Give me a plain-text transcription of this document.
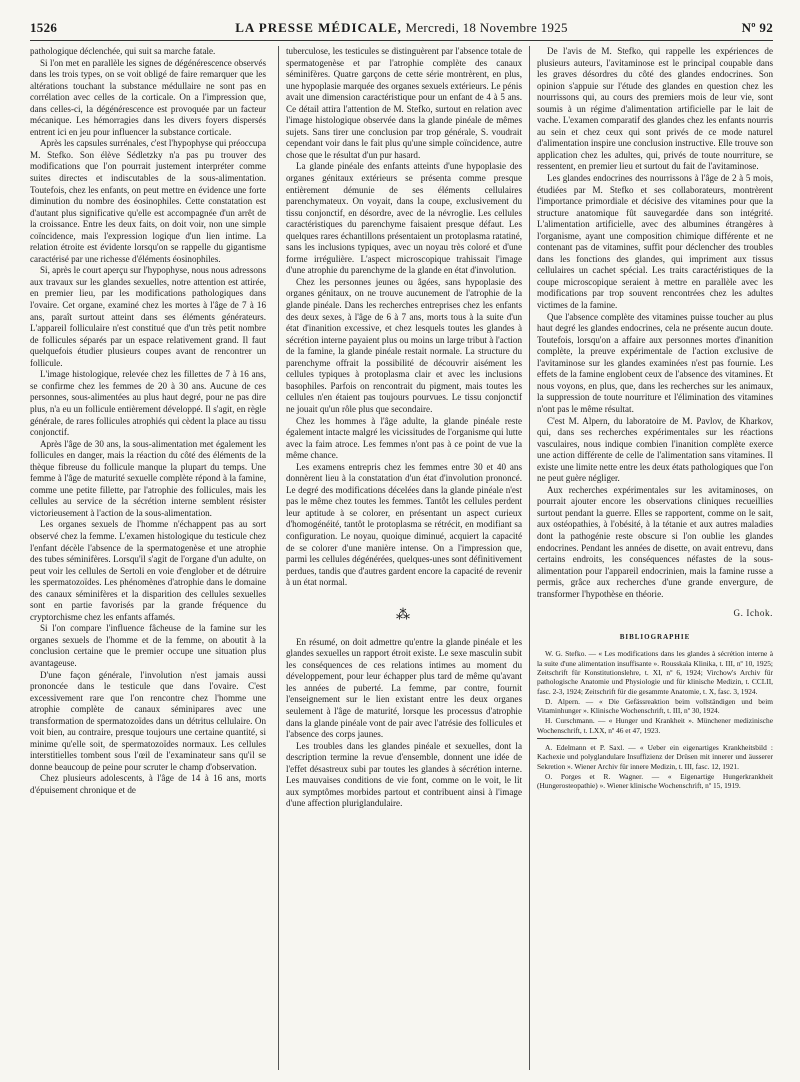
1526	LA PRESSE MÉDICALE, Mercredi, 18 Novembre 1925	Nº 92

pathologique déclenchée, qui suit sa marche fatale.

Si l'on met en parallèle les signes de dégénérescence observés dans les trois types, on se voit obligé de faire remarquer que les altérations touchant la substance médullaire ne sont pas en corrélation avec celles de la corticale. On a l'impression que, dans celles-ci, la dégénérescence est provoquée par un facteur mécanique. Les hémorragies dans les divers foyers dispersés entrent ici en jeu pour influencer la substance corticale.

Après les capsules surrénales, c'est l'hypophyse qui préoccupa M. Stefko. Son élève Sédletzky n'a pas pu trouver des modifications que l'on pourrait justement interpréter comme suites directes et indiscutables de la sous-alimentation. Toutefois, chez les enfants, on peut mettre en évidence une forte diminution du nombre des éosinophiles. Cette constatation est d'autant plus significative qu'elle est accompagnée d'un arrêt de la croissance. Entre les deux faits, on doit voir, non une simple coïncidence, mais l'expression logique d'un lien intime. La relation étroite est évidente lorsqu'on se rappelle du gigantisme caractérisé par une richesse d'éléments éosinophiles.

Si, après le court aperçu sur l'hypophyse, nous nous adressons aux travaux sur les glandes sexuelles, notre attention est attirée, en premier lieu, par les modifications pathologiques dans l'ovaire. Cet organe, examiné chez les mortes à l'âge de 7 à 16 ans, paraît surtout atteint dans ses éléments générateurs. L'appareil folliculaire n'est constitué que d'un très petit nombre de follicules séparés par un espace relativement grand. Il faut quelquefois étudier plusieurs coupes avant de rencontrer un follicule.

L'image histologique, relevée chez les fillettes de 7 à 16 ans, se confirme chez les femmes de 20 à 30 ans. Aucune de ces personnes, sous-alimentées au plus haut degré, pour ne pas dire plus, n'a eu un follicule entièrement développé. Il s'agit, en règle générale, de rares follicules atrophiés qui cèdent la place au tissu conjonctif.

Après l'âge de 30 ans, la sous-alimentation met également les follicules en danger, mais la réaction du côté des éléments de la thèque fibreuse du follicule manque la plupart du temps. Une femme à l'âge de maturité sexuelle complète répond à la famine, comme une petite fillette, par l'atrophie des follicules, mais les cellules au service de la sécrétion interne semblent résister victorieusement à l'action de la sous-alimentation.

Les organes sexuels de l'homme n'échappent pas au sort observé chez la femme. L'examen histologique du testicule chez l'enfant décèle l'absence de la spermatogenèse et une atrophie des tubes séminifères. Lorsqu'il s'agit de l'organe d'un adulte, on peut voir les cellules de Sertoli en voie d'englober et de détruire les spermatozoïdes. Les phénomènes d'atrophie dans le domaine des canaux séminifères et la disparition des cellules sexuelles sont en partie favorisés par la grande fréquence du cryptorchisme chez les enfants affamés.

Si l'on compare l'influence fâcheuse de la famine sur les organes sexuels de l'homme et de la femme, on aboutit à la conclusion certaine que le premier occupe une situation plus avantageuse.

D'une façon générale, l'involution n'est jamais aussi prononcée dans le testicule que dans l'ovaire. C'est excessivement rare que l'on rencontre chez l'homme une atrophie complète de canaux séminipares avec une transformation de spermatozoïdes dans un détritus cellulaire. On voit bien, au contraire, presque toujours une certaine quantité, si minime qu'elle soit, de spermatozoïdes normaux. Les cellules interstitielles tombent sous l'œil de l'examinateur sans qu'il se donne beaucoup de peine pour scruter le champ d'observation.

Chez plusieurs adolescents, à l'âge de 14 à 16 ans, morts d'épuisement chronique et de

tuberculose, les testicules se distinguèrent par l'absence totale de spermatogenèse et par l'atrophie complète des canaux séminifères. Quatre garçons de cette série montrèrent, en plus, une hypoplasie marquée des organes sexuels extérieurs. Le pénis avait une dimension caractéristique pour un enfant de 4 à 5 ans. Ce détail attira l'attention de M. Stefko, surtout en relation avec l'image histologique observée dans la glande pinéale de mêmes sujets. Sans tirer une conclusion par trop générale, S. voudrait cependant voir dans le fait plus qu'une simple coïncidence, autre chose que le résultat d'un pur hasard.

La glande pinéale des enfants atteints d'une hypoplasie des organes génitaux extérieurs se présenta comme presque entièrement démunie de ses éléments cellulaires parenchymateux. On voyait, dans la coupe, exclusivement du tissu conjonctif, en désordre, avec de la névroglie. Les cellules caractéristiques du parenchyme faisaient presque défaut. Les quelques rares échantillons présentaient un protoplasma ratatiné, sans les inclusions typiques, avec un noyau très coloré et d'une forme irrégulière. L'aspect microscopique trahissait l'image d'une atrophie du parenchyme de la glande en état d'involution.

Chez les personnes jeunes ou âgées, sans hypoplasie des organes génitaux, on ne trouve aucunement de l'atrophie de la glande pinéale. Dans les recherches entreprises chez les enfants des deux sexes, à l'âge de 6 à 7 ans, morts tous à la suite d'un état d'inanition excessive, et chez lesquels toutes les glandes à sécrétion interne payaient plus ou moins un large tribut à l'action de la famine, la glande pinéale restait normale. La structure du parenchyme offrait la possibilité de découvrir aisément les cellules typiques à protoplasma clair et avec les inclusions basophiles. Parfois on rencontrait du pigment, mais toutes les cellules n'en étaient pas toujours pourvues. Le tissu conjonctif ne jouait qu'un rôle plus que secondaire.

Chez les hommes à l'âge adulte, la glande pinéale reste également intacte malgré les vicissitudes de l'organisme qui lutte avec la faim atroce. Les femmes n'ont pas à ce point de vue la même chance.

Les examens entrepris chez les femmes entre 30 et 40 ans donnèrent lieu à la constatation d'un état d'involution prononcé. Le degré des modifications décelées dans la glande pinéale n'est pas le même chez toutes les femmes. Tantôt les cellules perdent leur aptitude à se colorer, en présentant un aspect curieux d'homogénéité, tantôt le protoplasma se rétrécit, en modifiant sa configuration. Le noyau, quoique diminué, acquiert la capacité de se colorer d'une manière intense. On a l'impression que, parmi les cellules dégénérées, quelques-unes sont définitivement perdues, tandis que d'autres gardent encore la capacité de revenir à un état normal.

⁂

En résumé, on doit admettre qu'entre la glande pinéale et les glandes sexuelles un rapport étroit existe. Le sexe masculin subit les conséquences de ces relations intimes au moment du développement, pour leur échapper plus tard de même qu'avant les années de puberté. La femme, par contre, fournit l'enseignement sur le lien existant entre les deux organes seulement à l'âge de maturité, lorsque les processus d'atrophie dans la glande pinéale vont de pair avec l'atrésie des follicules et l'absence des corps jaunes.

Les troubles dans les glandes pinéale et sexuelles, dont la description termine la revue d'ensemble, donnent une idée de l'effet désastreux subi par toutes les glandes à sécrétion interne. Les mauvaises conditions de vie font, comme on le voit, le lit aux symptômes morbides partout et contribuent ainsi à l'image d'une affection pluriglandulaire.

De l'avis de M. Stefko, qui rappelle les expériences de plusieurs auteurs, l'avitaminose est le principal coupable dans les graves désordres du côté des glandes endocrines. Son opinion s'appuie sur l'étude des glandes en question chez les nourrissons qui, au cours des premiers mois de leur vie, sont soumis à un régime d'alimentation artificielle par le lait de vache. L'examen comparatif des glandes chez les enfants nourris au sein et chez ceux qui sont privés de ce mode naturel d'alimentation inspire une conclusion instructive. Elle trouve son application chez les adultes, qui, privés de toute nourriture, se ressentent, en premier lieu et surtout du fait de l'avitaminose.

Les glandes endocrines des nourrissons à l'âge de 2 à 5 mois, étudiées par M. Stefko et ses collaborateurs, montrèrent l'importance primordiale et décisive des vitamines pour que la structure anatomique fût sauvegardée dans son intégrité. L'alimentation artificielle, avec des albumines étrangères à l'organisme, ayant une composition chimique différente et ne contenant pas de vitamines, suffit pour déclencher des troubles dans les fonctions des glandes, qui impriment aux tissus cellulaires un cachet spécial. Les traits caractéristiques de la coupe microscopique seraient à mettre en parallèle avec les modifications par trop souvent rencontrées chez les adultes victimes de la famine.

Que l'absence complète des vitamines puisse toucher au plus haut degré les glandes endocrines, cela ne présente aucun doute. Toutefois, lorsqu'on a affaire aux personnes mortes d'inanition complète, la preuve expérimentale de l'action exclusive de l'avitaminose sur les glandes examinées n'est pas fournie. Les effets de la famine englobent ceux de l'absence des vitamines. Et nous voyons, en plus, que, dans les recherches sur les animaux, la suppression de toute nourriture et l'élimination des vitamines n'ont pas le même résultat.

C'est M. Alpern, du laboratoire de M. Pavlov, de Kharkov, qui, dans ses recherches expérimentales sur les réactions vasculaires, nous indique combien l'inanition complète exerce une action différente de celle de l'alimentation sans vitamines. Il existe une limite nette entre les deux états pathologiques que l'on ne peut guère négliger.

Aux recherches expérimentales sur les avitaminoses, on pourrait ajouter encore les observations cliniques recueillies surtout pendant la guerre. Elles se rapportent, comme on le sait, aux ostéopathies, à l'obésité, à la tétanie et aux autres maladies dont la pathogénie reste obscure si l'on oublie les glandes endocrines. Pendant les années de disette, on avait entrevu, dans certains endroits, les conséquences néfastes de la sous-alimentation pour l'appareil endocrinien, mais la famine russe a permis, grâce aux recherches d'une grande envergure, de transformer l'hypothèse en théorie.

G. Ichok.
BIBLIOGRAPHIE

W. G. Stefko. — « Les modifications dans les glandes à sécrétion interne à la suite d'une alimentation insuffisante ». Rousskaïa Klinika, t. III, nº 10, 1925; Zeitschrift für Konstitutionslehre, t. XI, nº 6, 1924; Virchow's Archiv für pathologische Anatomie und Physiologie und für klinische Medizin, t. CCLII, fasc. 2-3, 1924; Zeitschrift für die gesammte Anatomie, t. X, fasc. 3, 1924.

D. Alpern. — « Die Gefässreaktion beim vollständigen und beim Vitaminhunger ». Klinische Wochenschrift, t. III, nº 30, 1924.

H. Curschmann. — « Hunger und Krankheit ». Münchener medizinische Wochenschrift, t. LXX, nº 46 et 47, 1923.

A. Edelmann et P. Saxl. — « Ueber ein eigenartiges Krankheitsbild : Kachexie und polyglandulare Insuffizienz der Drüsen mit innerer und äusserer Sekretion ». Wiener Archiv für innere Medizin, t. III, fasc. 12, 1921.

O. Porges et R. Wagner. — « Eigenartige Hungerkrankheit (Hungerosteopathie) ». Wiener klinische Wochenschrift, nº 15, 1919.
